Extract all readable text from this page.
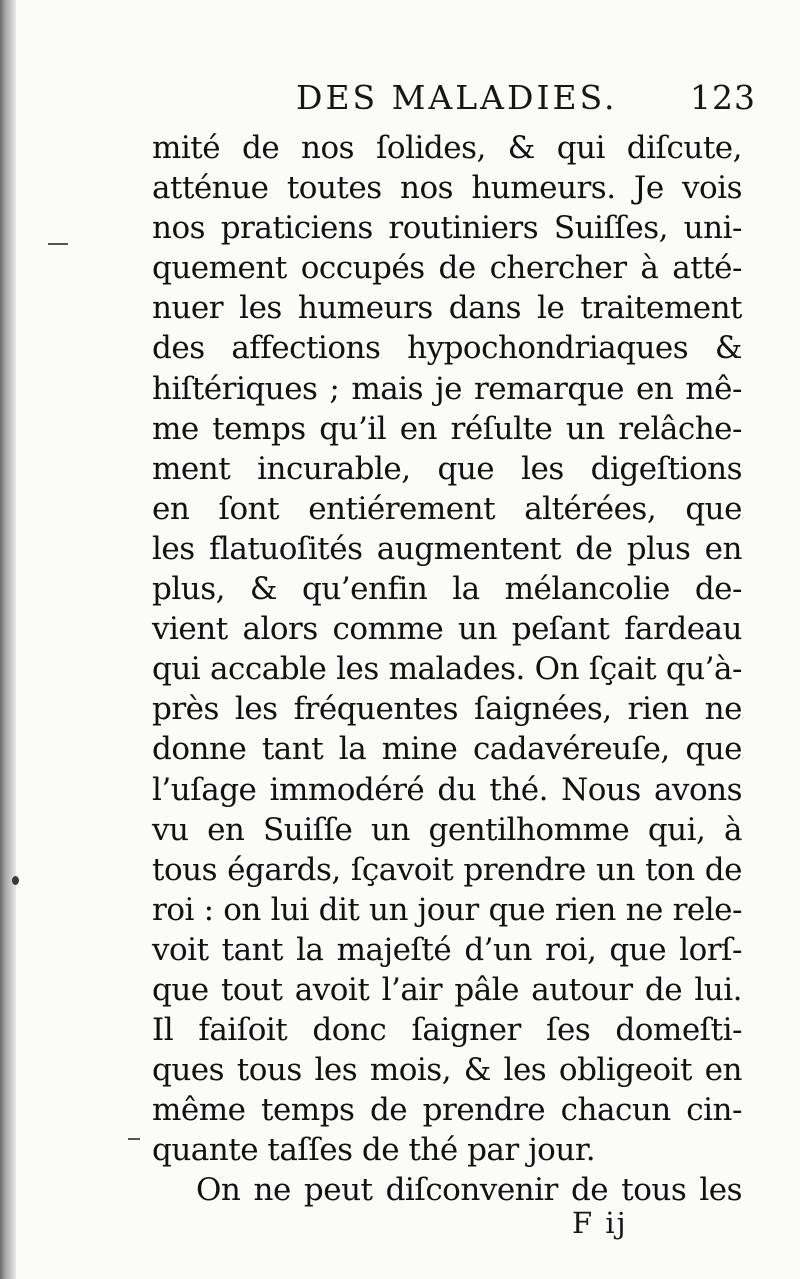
DES MALADIES. 123
mité de nos ſolides, & qui diſcute,
atténue toutes nos humeurs. Je vois
nos praticiens routiniers Suiſſes, uni-
quement occupés de chercher à atté-
nuer les humeurs dans le traitement
des affections hypochondriaques &
hiſtériques ; mais je remarque en mê-
me temps qu’il en réſulte un relâche-
ment incurable, que les digeſtions
en ſont entiérement altérées, que
les flatuoſités augmentent de plus en
plus, & qu’enfin la mélancolie de-
vient alors comme un peſant fardeau
qui accable les malades. On ſçait qu’à-
près les fréquentes ſaignées, rien ne
donne tant la mine cadavéreuſe, que
l’uſage immodéré du thé. Nous avons
vu en Suiſſe un gentilhomme qui, à
tous égards, ſçavoit prendre un ton de
roi : on lui dit un jour que rien ne rele-
voit tant la majeſté d’un roi, que lorſ-
que tout avoit l’air pâle autour de lui.
Il faiſoit donc ſaigner ſes domeſti-
ques tous les mois, & les obligeoit en
même temps de prendre chacun cin-
quante taſſes de thé par jour.
On ne peut diſconvenir de tous les
F ij
